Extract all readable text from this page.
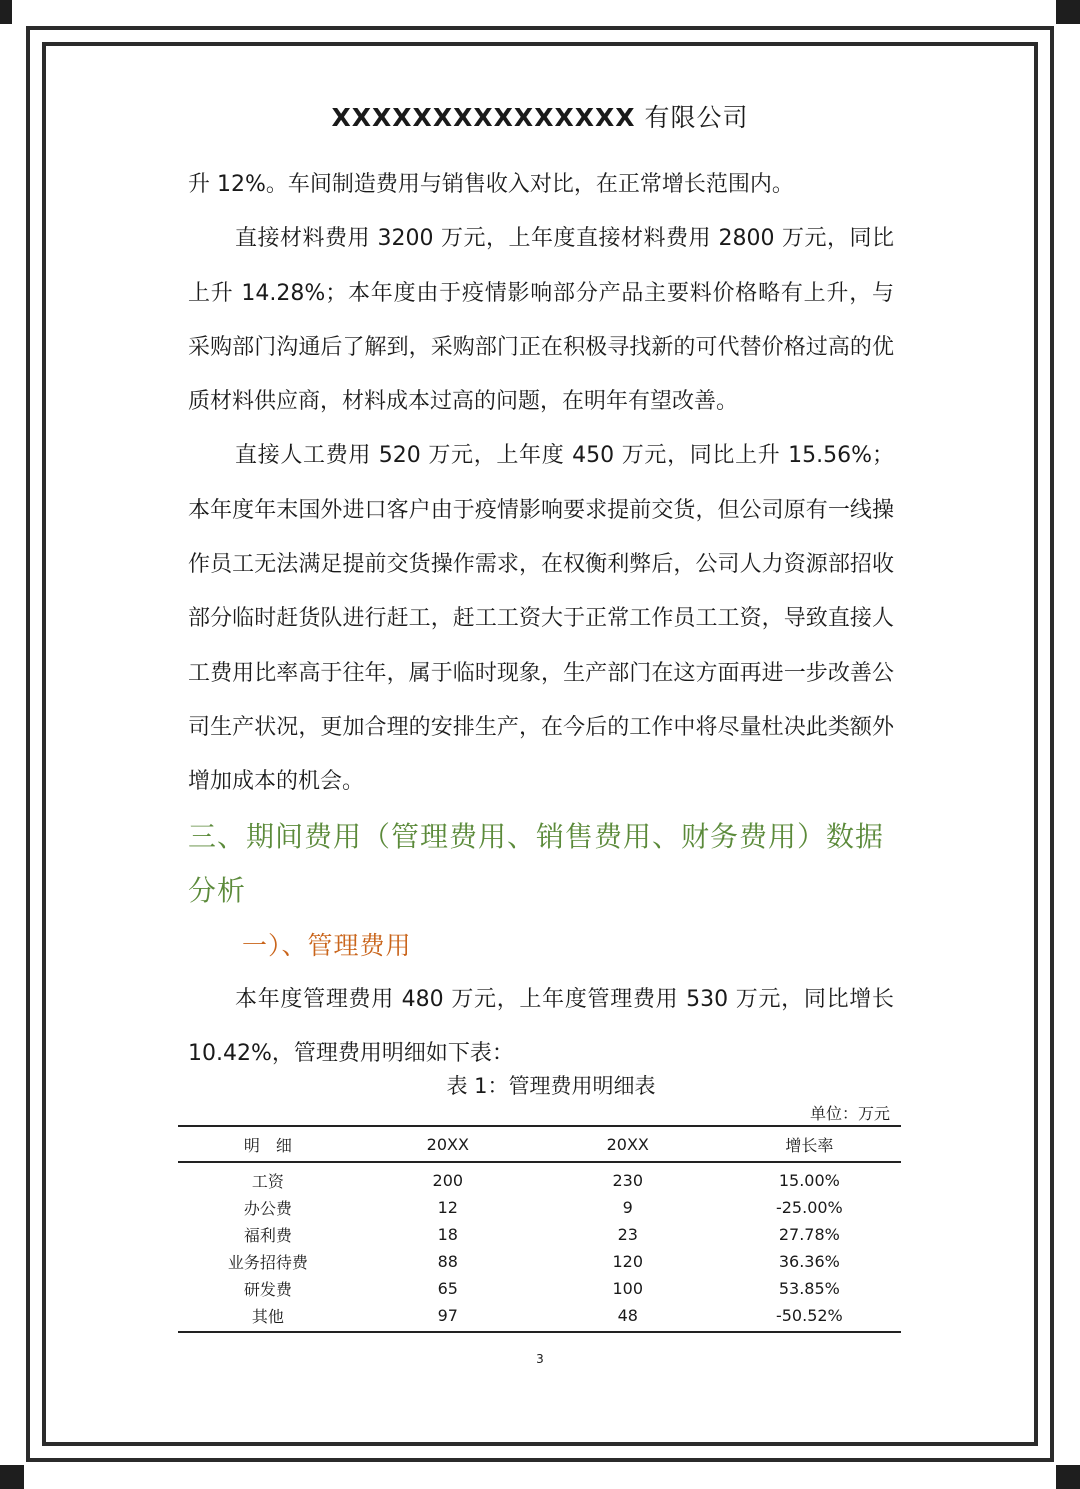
XXXXXXXXXXXXXXX 有限公司

升 12%。车间制造费用与销售收入对比，在正常增长范围内。

直接材料费用 3200 万元，上年度直接材料费用 2800 万元，同比上升 14.28%；本年度由于疫情影响部分产品主要料价格略有上升，与采购部门沟通后了解到，采购部门正在积极寻找新的可代替价格过高的优质材料供应商，材料成本过高的问题，在明年有望改善。

直接人工费用 520 万元，上年度 450 万元，同比上升 15.56%；本年度年末国外进口客户由于疫情影响要求提前交货，但公司原有一线操作员工无法满足提前交货操作需求，在权衡利弊后，公司人力资源部招收部分临时赶货队进行赶工，赶工工资大于正常工作员工工资，导致直接人工费用比率高于往年，属于临时现象，生产部门在这方面再进一步改善公司生产状况，更加合理的安排生产，在今后的工作中将尽量杜决此类额外增加成本的机会。

三、期间费用（管理费用、销售费用、财务费用）数据分析

一）、管理费用

本年度管理费用 480 万元，上年度管理费用 530 万元，同比增长 10.42%，管理费用明细如下表：

表 1：管理费用明细表

单位：万元

明　细	20XX	20XX	增长率
工资	200	230	15.00%
办公费	12	9	-25.00%
福利费	18	23	27.78%
业务招待费	88	120	36.36%
研发费	65	100	53.85%
其他	97	48	-50.52%
3
